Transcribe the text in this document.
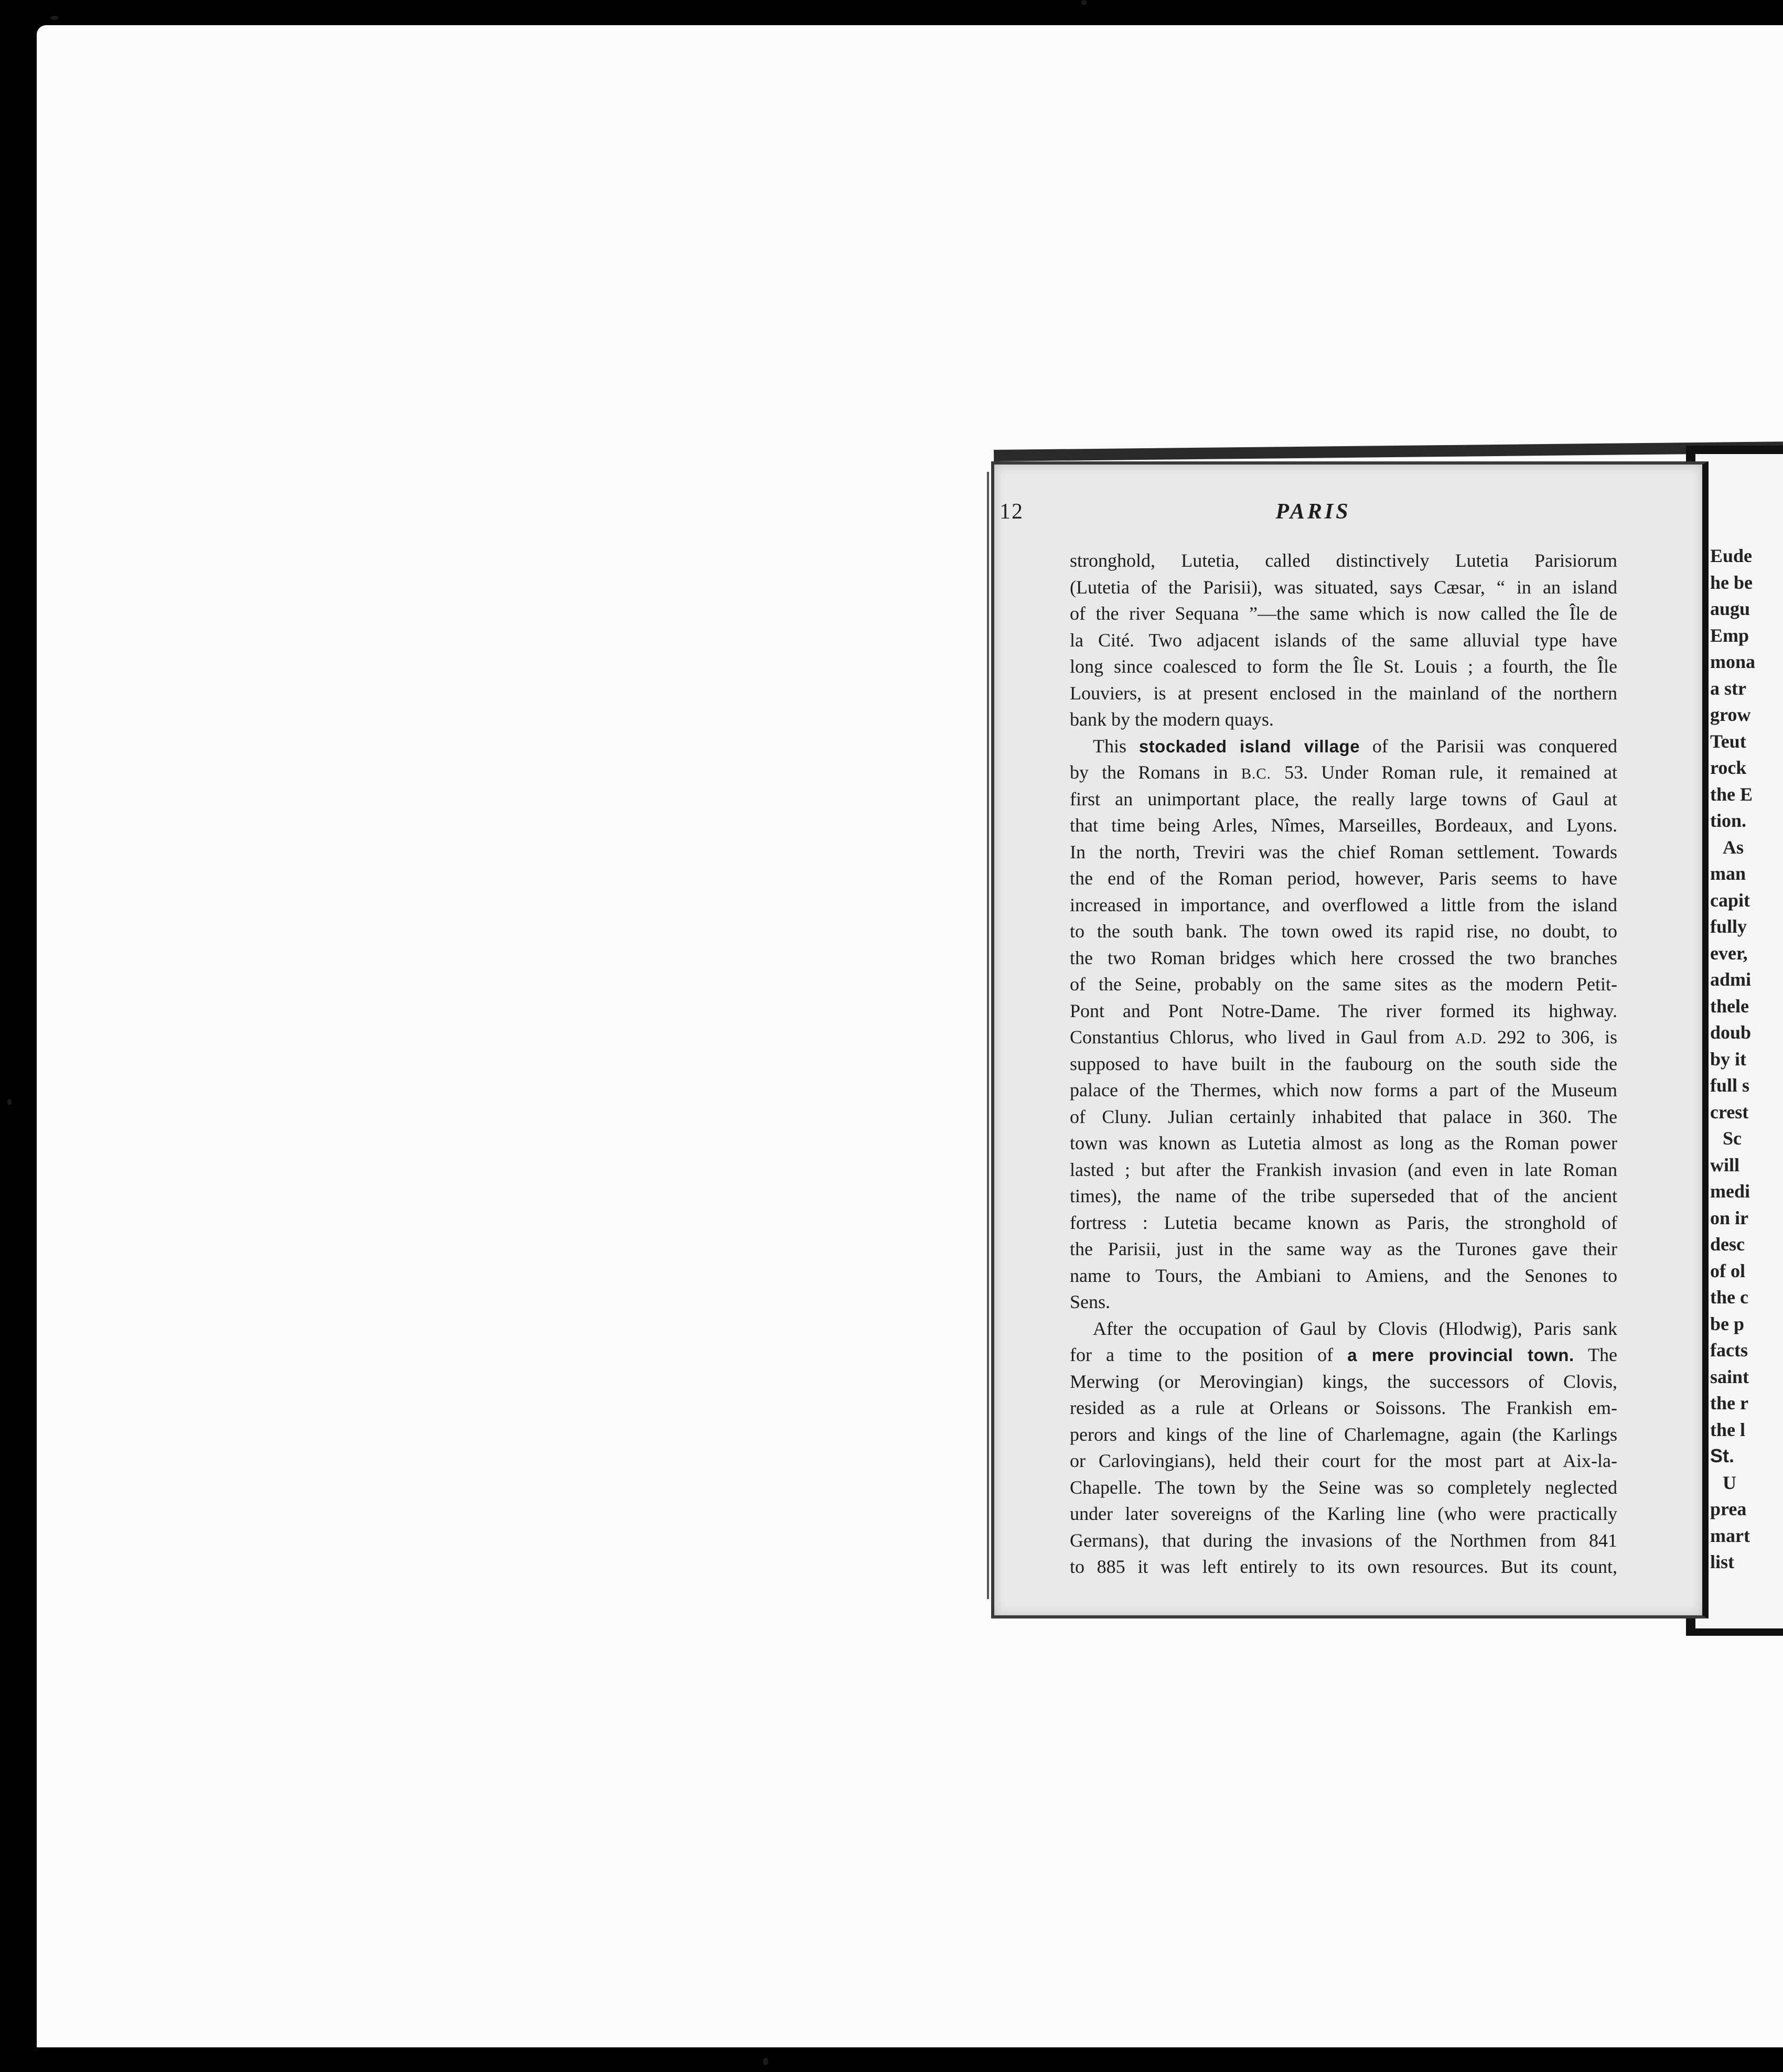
Eude
he be
augu
Emp
mona
a str
grow
Teut
rock
the E
tion.
As
man
capit
fully
ever,
admi
thele
doub
by it
full s
crest
Sc
will
medi
on ir
desc
of ol
the c
be p
facts
saint
the r
the l
St.
U
prea
mart
list
12	PARIS
stronghold, Lutetia, called distinctively Lutetia Parisiorum
(Lutetia of the Parisii), was situated, says Cæsar, “ in an island
of the river Sequana ”—the same which is now called the Île de
la Cité. Two adjacent islands of the same alluvial type have
long since coalesced to form the Île St. Louis ; a fourth, the Île
Louviers, is at present enclosed in the mainland of the northern
bank by the modern quays.
This stockaded island village of the Parisii was conquered
by the Romans in B.C. 53. Under Roman rule, it remained at
first an unimportant place, the really large towns of Gaul at
that time being Arles, Nîmes, Marseilles, Bordeaux, and Lyons.
In the north, Treviri was the chief Roman settlement. Towards
the end of the Roman period, however, Paris seems to have
increased in importance, and overflowed a little from the island
to the south bank. The town owed its rapid rise, no doubt, to
the two Roman bridges which here crossed the two branches
of the Seine, probably on the same sites as the modern Petit-
Pont and Pont Notre-Dame. The river formed its highway.
Constantius Chlorus, who lived in Gaul from A.D. 292 to 306, is
supposed to have built in the faubourg on the south side the
palace of the Thermes, which now forms a part of the Museum
of Cluny. Julian certainly inhabited that palace in 360. The
town was known as Lutetia almost as long as the Roman power
lasted ; but after the Frankish invasion (and even in late Roman
times), the name of the tribe superseded that of the ancient
fortress : Lutetia became known as Paris, the stronghold of
the Parisii, just in the same way as the Turones gave their
name to Tours, the Ambiani to Amiens, and the Senones to
Sens.
After the occupation of Gaul by Clovis (Hlodwig), Paris sank
for a time to the position of a mere provincial town. The
Merwing (or Merovingian) kings, the successors of Clovis,
resided as a rule at Orleans or Soissons. The Frankish em-
perors and kings of the line of Charlemagne, again (the Karlings
or Carlovingians), held their court for the most part at Aix-la-
Chapelle. The town by the Seine was so completely neglected
under later sovereigns of the Karling line (who were practically
Germans), that during the invasions of the Northmen from 841
to 885 it was left entirely to its own resources. But its count,
